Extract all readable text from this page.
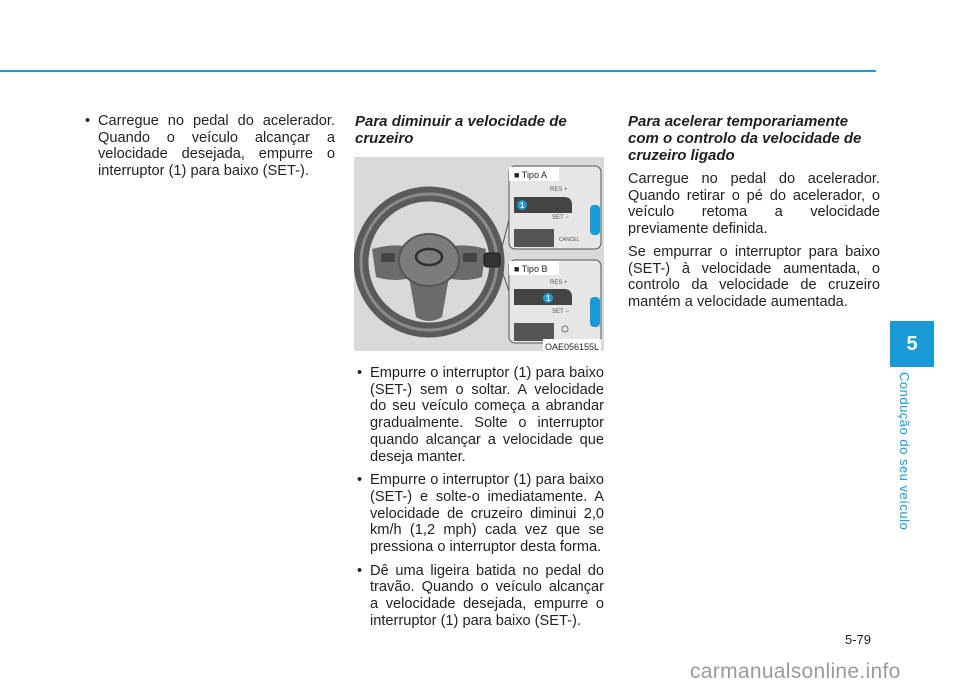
5
Condução do seu veículo
• Carregue no pedal do acelerador. Quando o veículo alcançar a velocidade desejada, empurre o interruptor (1) para baixo (SET-).
Para diminuir a velocidade de cruzeiro
■ Tipo A
■ Tipo B
RES +
SET −
CANCEL
RES +
SET −
1
1
OAE056155L
• Empurre o interruptor (1) para baixo (SET-) sem o soltar. A velocidade do seu veículo começa a abrandar gradualmente. Solte o interruptor quando alcançar a velocidade que deseja manter.
• Empurre o interruptor (1) para baixo (SET-) e solte-o imediatamente. A velocidade de cruzeiro diminui 2,0 km/h (1,2 mph) cada vez que se pressiona o interruptor desta forma.
• Dê uma ligeira batida no pedal do travão. Quando o veículo alcançar a velocidade desejada, empurre o interruptor (1) para baixo (SET-).
Para acelerar temporariamente com o controlo da velocidade de cruzeiro ligado

Carregue no pedal do acelerador. Quando retirar o pé do acelerador, o veículo retoma a velocidade previamente definida.

Se empurrar o interruptor para baixo (SET-) à velocidade aumentada, o controlo da velocidade de cruzeiro mantém a velocidade aumentada.

5-79
carmanualsonline.info
